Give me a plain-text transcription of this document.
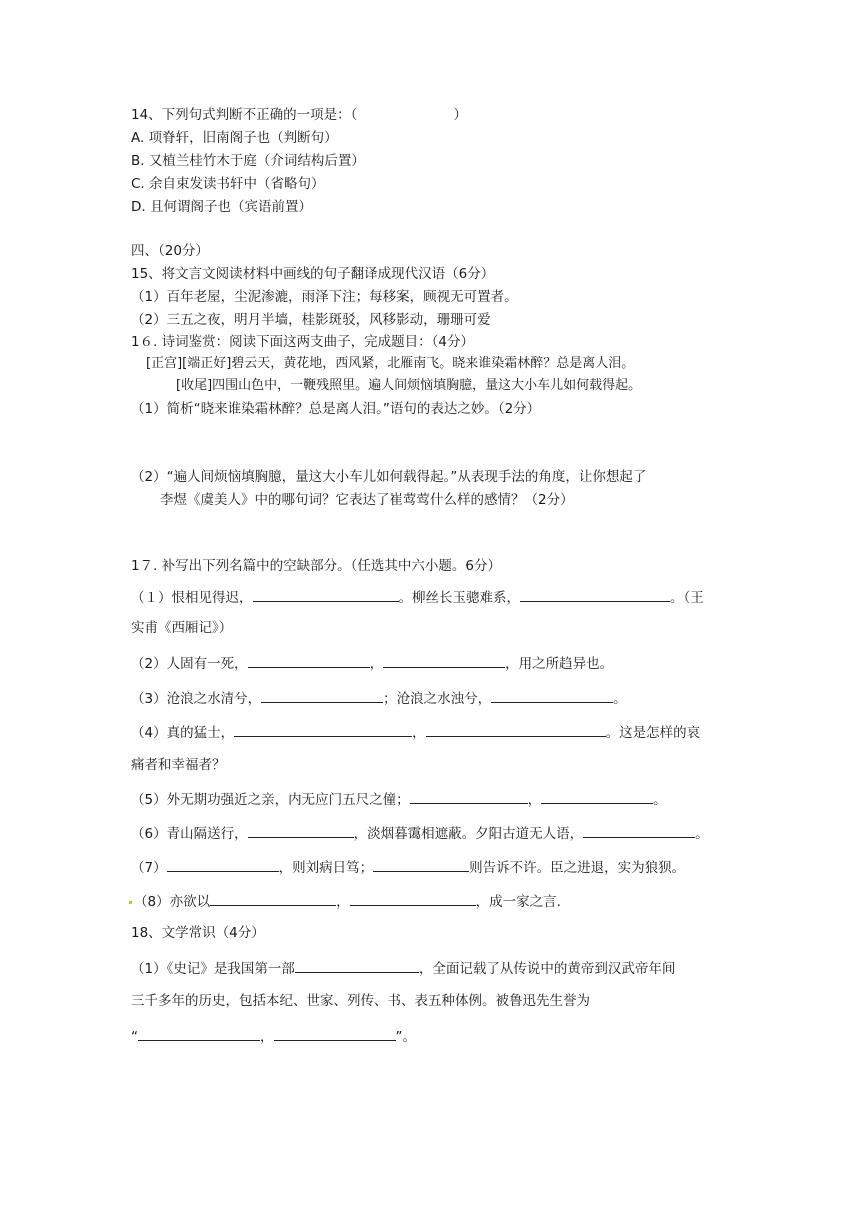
14、下列句式判断不正确的一项是：（	）
A. 项脊轩，旧南阁子也（判断句）
B. 又植兰桂竹木于庭（介词结构后置）
C. 余自束发读书轩中（省略句）
D. 且何谓阁子也（宾语前置）
四、（20分）
15、将文言文阅读材料中画线的句子翻译成现代汉语（6分）
（1）百年老屋，尘泥渗漉，雨泽下注；每移案，顾视无可置者。
（2）三五之夜，明月半墙，桂影斑驳，风移影动，珊珊可爱
1６. 诗词鉴赏：阅读下面这两支曲子，完成题目：（4分）
[正宫][端正好]碧云天，黄花地，西风紧，北雁南飞。晓来谁染霜林醉？总是离人泪。
[收尾]四围山色中，一鞭残照里。遍人间烦恼填胸臆，量这大小车儿如何载得起。
（1）简析“晓来谁染霜林醉？总是离人泪。”语句的表达之妙。（2分）
（2）“遍人间烦恼填胸臆，量这大小车儿如何载得起。”从表现手法的角度，让你想起了
李煜《虞美人》中的哪句词？它表达了崔莺莺什么样的感情？（2分）
1７. 补写出下列名篇中的空缺部分。（任选其中六小题。6分）
（１）恨相见得迟，	。柳丝长玉骢难系，	。（王
实甫《西厢记》）
（2）人固有一死，	，	，用之所趋异也。
（3）沧浪之水清兮，	；沧浪之水浊兮，	。
（4）真的猛士，	，	。这是怎样的哀
痛者和幸福者？
（5）外无期功强近之亲，内无应门五尺之僮；	，	。
（6）青山隔送行，	，淡烟暮霭相遮蔽。夕阳古道无人语，	。
（7）	，则刘病日笃；	则告诉不许。臣之进退，实为狼狈。
（8）亦欲以	，	，成一家之言.
18、文学常识（4分）
（1）《史记》是我国第一部	，全面记载了从传说中的黄帝到汉武帝年间
三千多年的历史，包括本纪、世家、列传、书、表五种体例。被鲁迅先生誉为
“	，	”。
